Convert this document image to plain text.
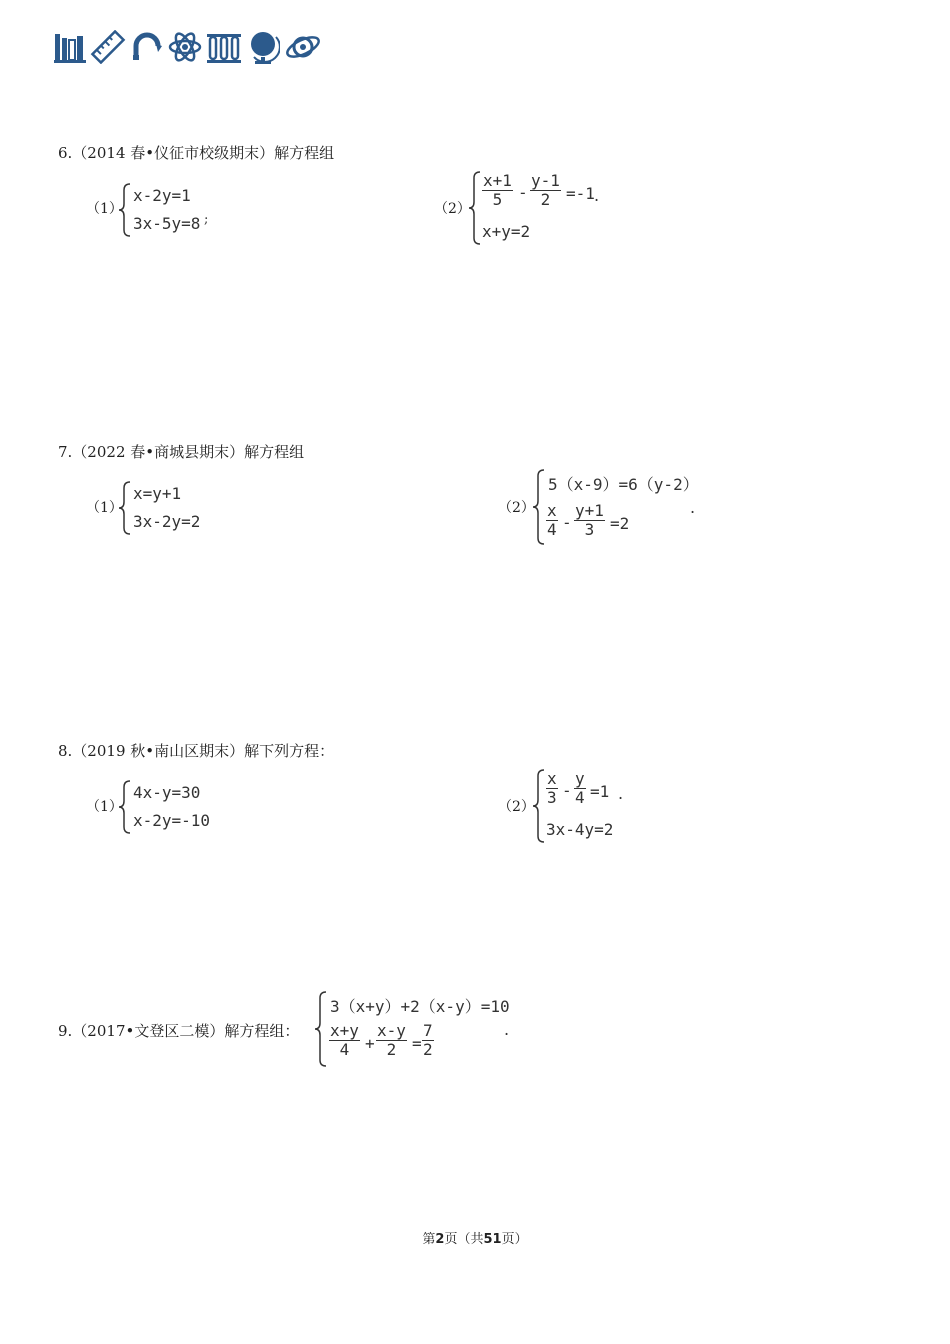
6.（2014 春•仪征市校级期末）解方程组
（1）
x-2y=1
3x-5y=8 ;
$(2) \frac{x+1}{5} - \frac{y-1}{2} =-1$ .
x+y=2
7.（2022 春•商城县期末）解方程组
（1）
x=y+1
3x-2y=2
（2）
5（x-9）=6（y-2）
$\frac{x}{4} - \frac{y+1}{3} =2$
.
8.（2019 秋•南山区期末）解下列方程：
（1）
4x-y=30
x-2y=-10
$(2) \frac{x}{3} - \frac{y}{4} =1$ .
3x-4y=2
9.（2017•文登区二模）解方程组：
3（x+y）+2（x-y）=10
$\frac{x+y}{4} + \frac{x-y}{2} = \frac{7}{2}$	.
第2页（共51页）
